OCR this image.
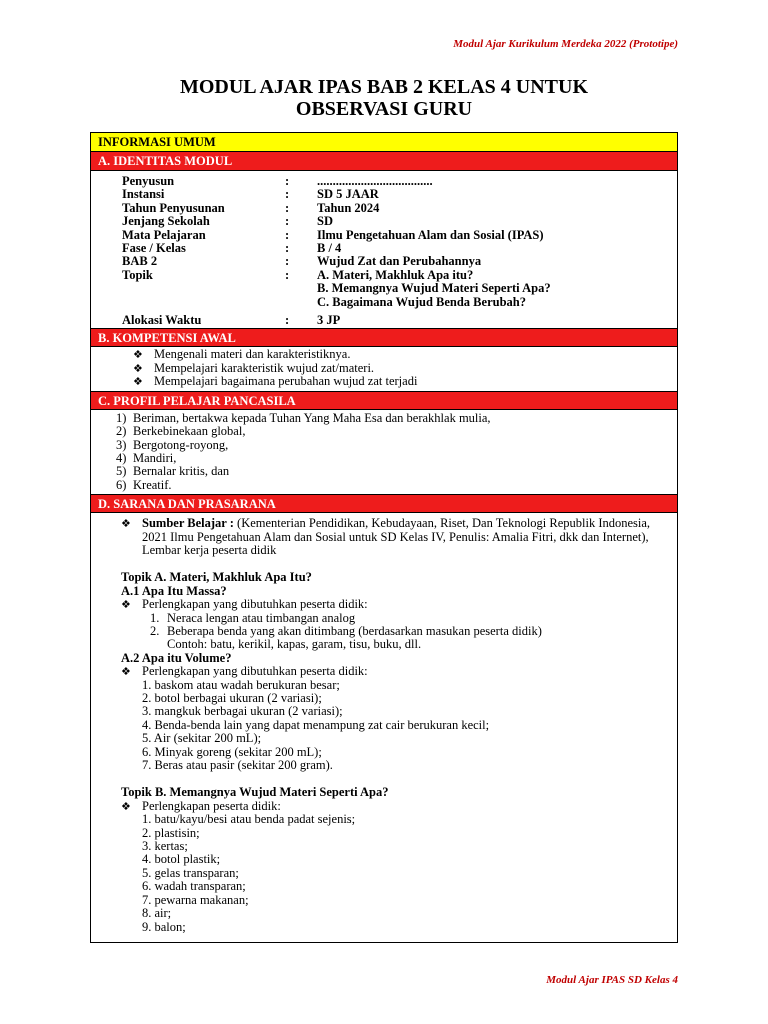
Modul Ajar Kurikulum Merdeka 2022 (Prototipe)
MODUL AJAR IPAS BAB 2 KELAS 4 UNTUK
OBSERVASI GURU
INFORMASI UMUM
A. IDENTITAS MODUL
Penyusun	:	.....................................
Instansi	:	SD 5 JAAR
Tahun Penyusunan	:	Tahun 2024
Jenjang Sekolah	:	SD
Mata Pelajaran	:	Ilmu Pengetahuan Alam dan Sosial (IPAS)
Fase / Kelas	:	B / 4
BAB 2	:	Wujud Zat dan Perubahannya
Topik	:	A. Materi, Makhluk Apa itu?
B. Memangnya Wujud Materi Seperti Apa?
C. Bagaimana Wujud Benda Berubah?
Alokasi Waktu	:	3 JP
B. KOMPETENSI AWAL
❖ Mengenali materi dan karakteristiknya.
❖ Mempelajari karakteristik wujud zat/materi.
❖ Mempelajari bagaimana perubahan wujud zat terjadi
C. PROFIL PELAJAR PANCASILA
1) Beriman, bertakwa kepada Tuhan Yang Maha Esa dan berakhlak mulia,
2) Berkebinekaan global,
3) Bergotong-royong,
4) Mandiri,
5) Bernalar kritis, dan
6) Kreatif.
D. SARANA DAN PRASARANA
❖ Sumber Belajar : (Kementerian Pendidikan, Kebudayaan, Riset, Dan Teknologi Republik Indonesia, 2021 Ilmu Pengetahuan Alam dan Sosial untuk SD Kelas IV, Penulis: Amalia Fitri, dkk dan Internet), Lembar kerja peserta didik
Topik A. Materi, Makhluk Apa Itu?
A.1 Apa Itu Massa?
❖ Perlengkapan yang dibutuhkan peserta didik:
1. Neraca lengan atau timbangan analog
2. Beberapa benda yang akan ditimbang (berdasarkan masukan peserta didik)
Contoh: batu, kerikil, kapas, garam, tisu, buku, dll.
A.2 Apa itu Volume?
❖ Perlengkapan yang dibutuhkan peserta didik:
1. baskom atau wadah berukuran besar;
2. botol berbagai ukuran (2 variasi);
3. mangkuk berbagai ukuran (2 variasi);
4. Benda-benda lain yang dapat menampung zat cair berukuran kecil;
5. Air (sekitar 200 mL);
6. Minyak goreng (sekitar 200 mL);
7. Beras atau pasir (sekitar 200 gram).
Topik B. Memangnya Wujud Materi Seperti Apa?
❖ Perlengkapan peserta didik:
1. batu/kayu/besi atau benda padat sejenis;
2. plastisin;
3. kertas;
4. botol plastik;
5. gelas transparan;
6. wadah transparan;
7. pewarna makanan;
8. air;
9. balon;
Modul Ajar IPAS SD Kelas 4
